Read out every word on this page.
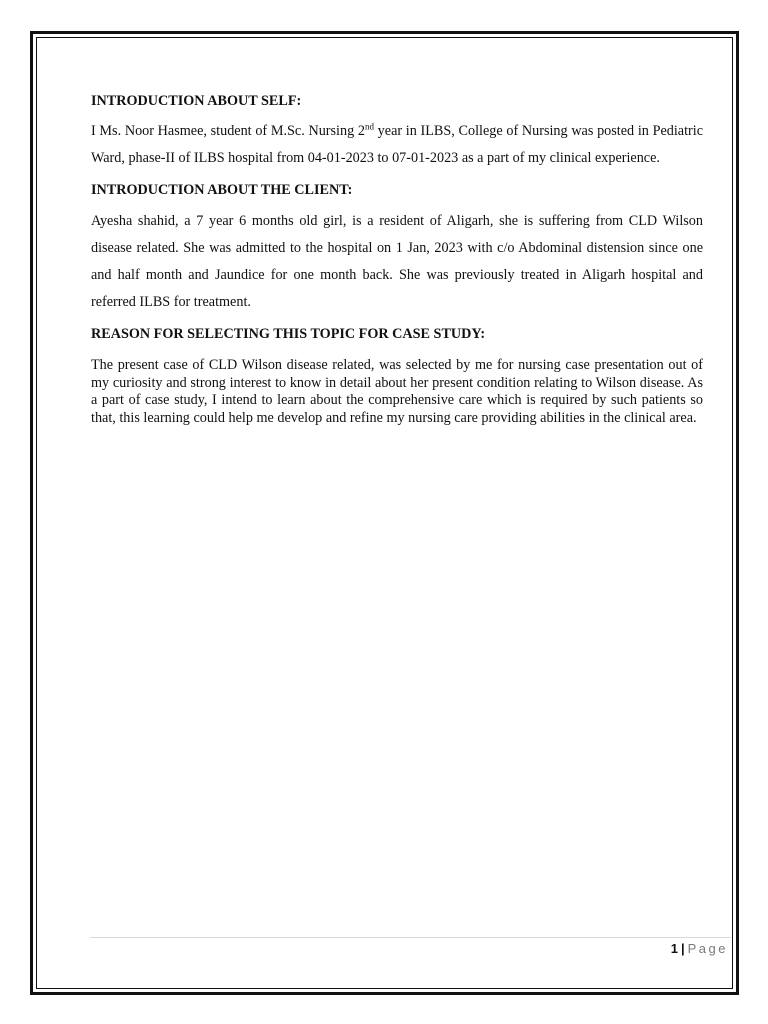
INTRODUCTION ABOUT SELF:

I Ms. Noor Hasmee, student of M.Sc. Nursing 2nd year in ILBS, College of Nursing was posted in Pediatric Ward, phase-II of ILBS hospital from 04-01-2023 to 07-01-2023 as a part of my clinical experience.

INTRODUCTION ABOUT THE CLIENT:

Ayesha shahid, a 7 year 6 months old girl, is a resident of Aligarh, she is suffering from CLD Wilson disease related. She was admitted to the hospital on 1 Jan, 2023 with c/o Abdominal distension since one and half month and Jaundice for one month back. She was previously treated in Aligarh hospital and referred ILBS for treatment.

REASON FOR SELECTING THIS TOPIC FOR CASE STUDY:

The present case of CLD Wilson disease related, was selected by me for nursing case presentation out of my curiosity and strong interest to know in detail about her present condition relating to Wilson disease. As a part of case study, I intend to learn about the comprehensive care which is required by such patients so that, this learning could help me develop and refine my nursing care providing abilities in the clinical area.

1 | Page
